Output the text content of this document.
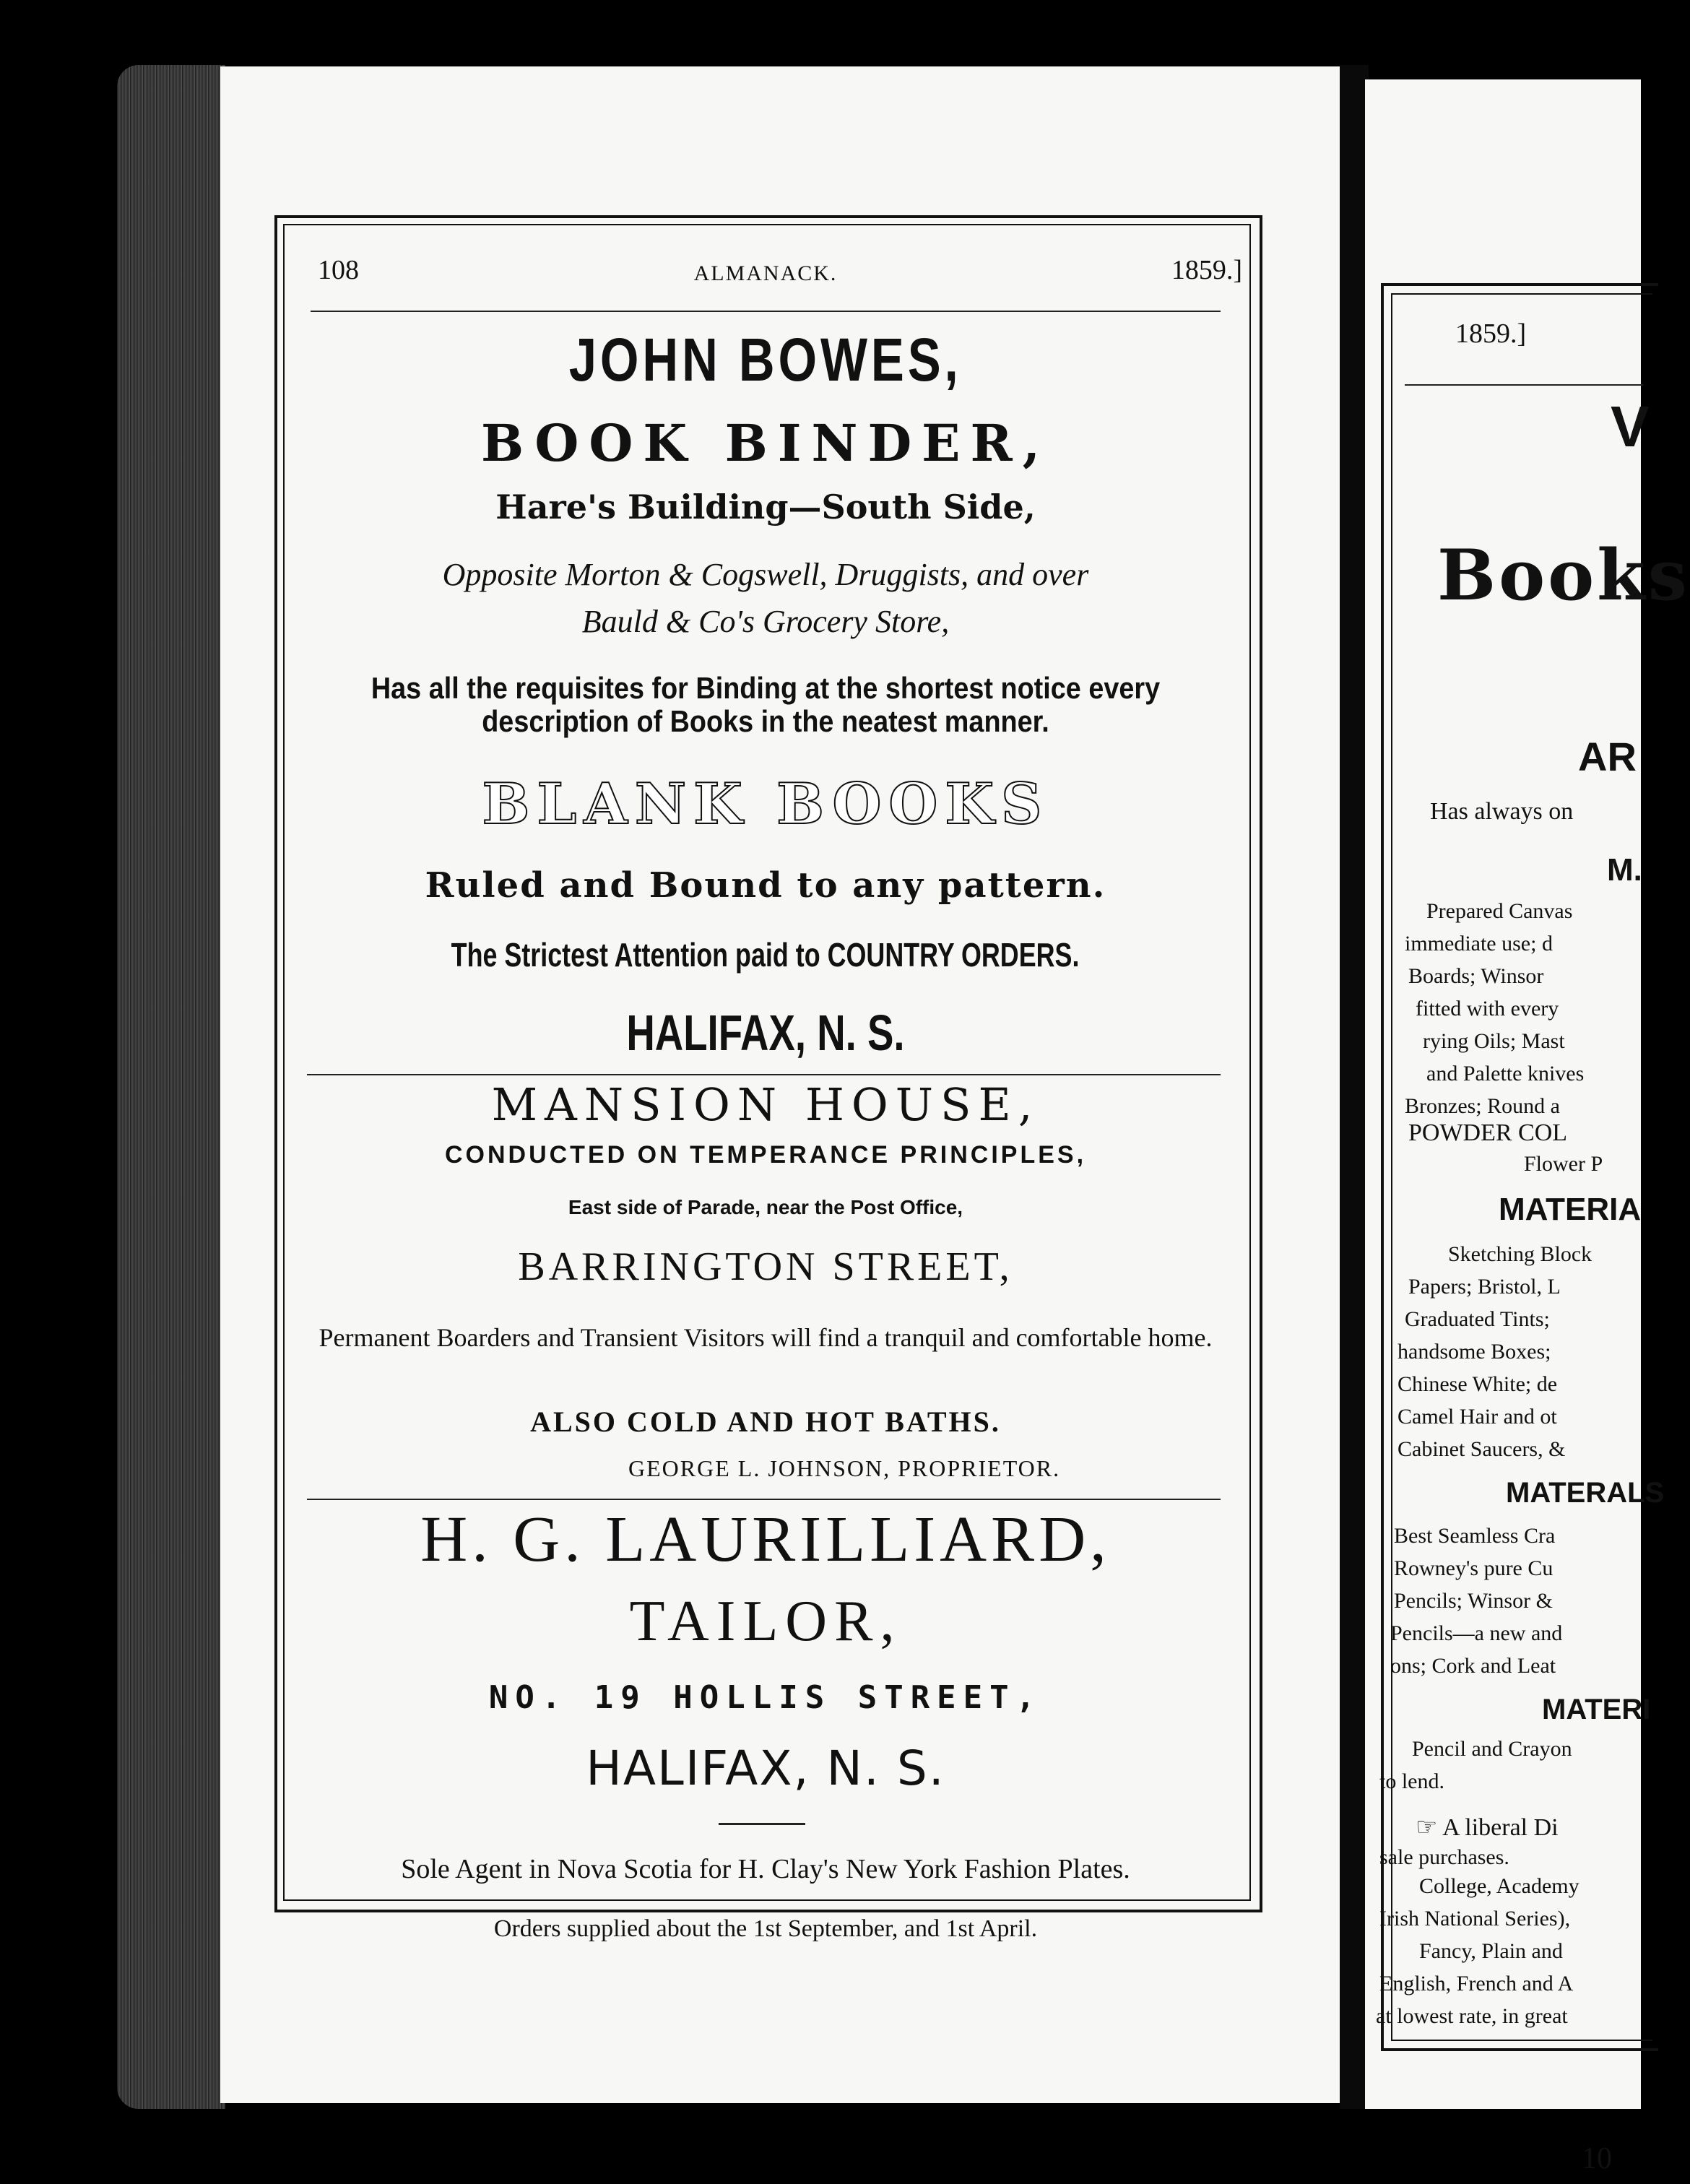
108	ALMANACK.	1859.]
JOHN BOWES,
BOOK BINDER,
Hare's Building—South Side,
Opposite Morton & Cogswell, Druggists, and over
Bauld & Co's Grocery Store,
Has all the requisites for Binding at the shortest notice every description of Books in the neatest manner.
BLANK BOOKS
Ruled and Bound to any pattern.
The Strictest Attention paid to COUNTRY ORDERS.
HALIFAX, N. S.
MANSION HOUSE,
CONDUCTED ON TEMPERANCE PRINCIPLES,
East side of Parade, near the Post Office,
BARRINGTON STREET,
Permanent Boarders and Transient Visitors will find a tranquil and comfortable home.
ALSO COLD AND HOT BATHS.
GEORGE L. JOHNSON, PROPRIETOR.
H. G. LAURILLIARD,
TAILOR,
NO. 19 HOLLIS STREET,
HALIFAX, N. S.
Sole Agent in Nova Scotia for H. Clay's New York Fashion Plates.
Orders supplied about the 1st September, and 1st April.
1859.]
V
Books
AR
Has always on
M.
Prepared Canvas
immediate use; d
Boards; Winsor
fitted with every
rying Oils; Mast
and Palette knives
Bronzes; Round a
POWDER COL
Flower P
MATERIA
Sketching Block
Papers; Bristol, L
Graduated Tints;
handsome Boxes;
Chinese White; de
Camel Hair and ot
Cabinet Saucers, &
MATERALS
Best Seamless Cra
Rowney's pure Cu
Pencils; Winsor &
Pencils—a new and
ons; Cork and Leat
MATERI
Pencil and Crayon
to lend.
☞ A liberal Di
sale purchases.
College, Academy
Irish National Series),
Fancy, Plain and
English, French and A
at lowest rate, in great
10
